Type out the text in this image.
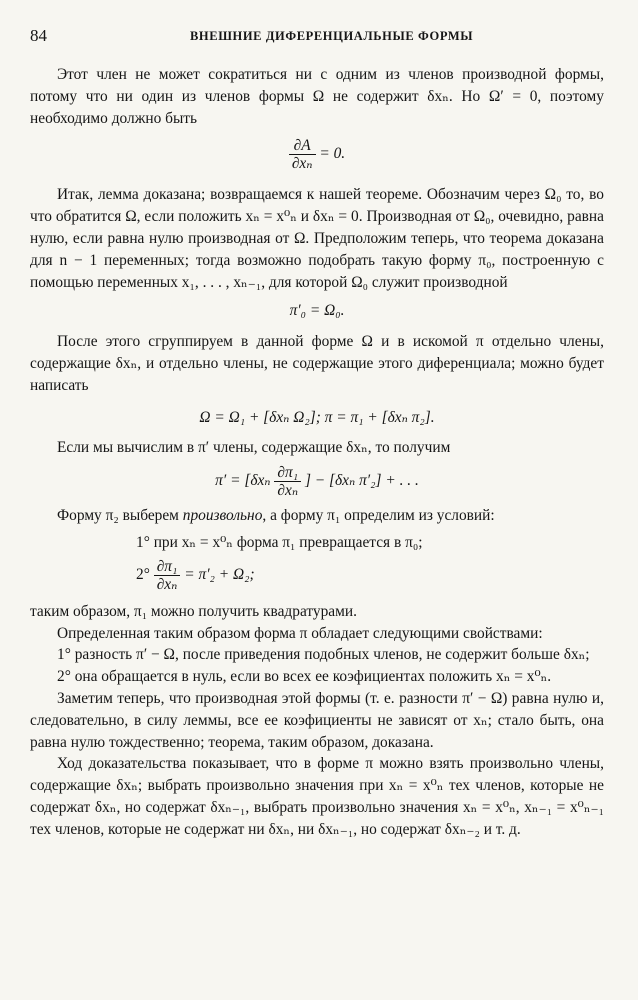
84	ВНЕШНИЕ ДИФЕРЕНЦИАЛЬНЫЕ ФОРМЫ

Этот член не может сократиться ни с одним из членов производной формы, потому что ни один из членов формы Ω не содержит δxₙ. Но Ω′ = 0, поэтому необходимо должно быть

$\frac{\partial A}{\text{∂xₙ}} = 0$.

Итак, лемма доказана; возвращаемся к нашей теореме. Обозначим через Ω₀ то, во что обратится Ω, если положить xₙ = x⁰ₙ и δxₙ = 0. Производная от Ω₀, очевидно, равна нулю, если равна нулю производная от Ω. Предположим теперь, что теорема доказана для n − 1 переменных; тогда возможно подобрать такую форму π₀, построенную с помощью переменных x₁, . . . , xₙ₋₁, для которой Ω₀ служит производной

π′₀ = Ω₀.

После этого сгруппируем в данной форме Ω и в искомой π отдельно члены, содержащие δxₙ, и отдельно члены, не содержащие этого диференциала; можно будет написать

Ω = Ω₁ + [δxₙ Ω₂]; π = π₁ + [δxₙ π₂].

Если мы вычислим в π′ члены, содержащие δxₙ, то получим

$\pi' = [\delta x_n \frac{\text{∂π₁}}{\text{∂xₙ}}$ ] − [δxₙ π′₂] + . . .

Форму π₂ выберем произвольно, а форму π₁ определим из условий:

1° при xₙ = x⁰ₙ форма π₁ превращается в π₀;

$2^\circ \frac{\text{∂π₁}}{\text{∂xₙ}} = \pi'_2 + \Omega_2$;

таким образом, π₁ можно получить квадратурами.

Определенная таким образом форма π обладает следующими свойствами:

1° разность π′ − Ω, после приведения подобных членов, не содержит больше δxₙ;

2° она обращается в нуль, если во всех ее коэфициентах положить xₙ = x⁰ₙ.

Заметим теперь, что производная этой формы (т. е. разности π′ − Ω) равна нулю и, следовательно, в силу леммы, все ее коэфициенты не зависят от xₙ; стало быть, она равна нулю тождественно; теорема, таким образом, доказана.

Ход доказательства показывает, что в форме π можно взять произвольно члены, содержащие δxₙ; выбрать произвольно значения при xₙ = x⁰ₙ тех членов, которые не содержат δxₙ, но содержат δxₙ₋₁, выбрать произвольно значения xₙ = x⁰ₙ, xₙ₋₁ = x⁰ₙ₋₁ тех членов, которые не содержат ни δxₙ, ни δxₙ₋₁, но содержат δxₙ₋₂ и т. д.
